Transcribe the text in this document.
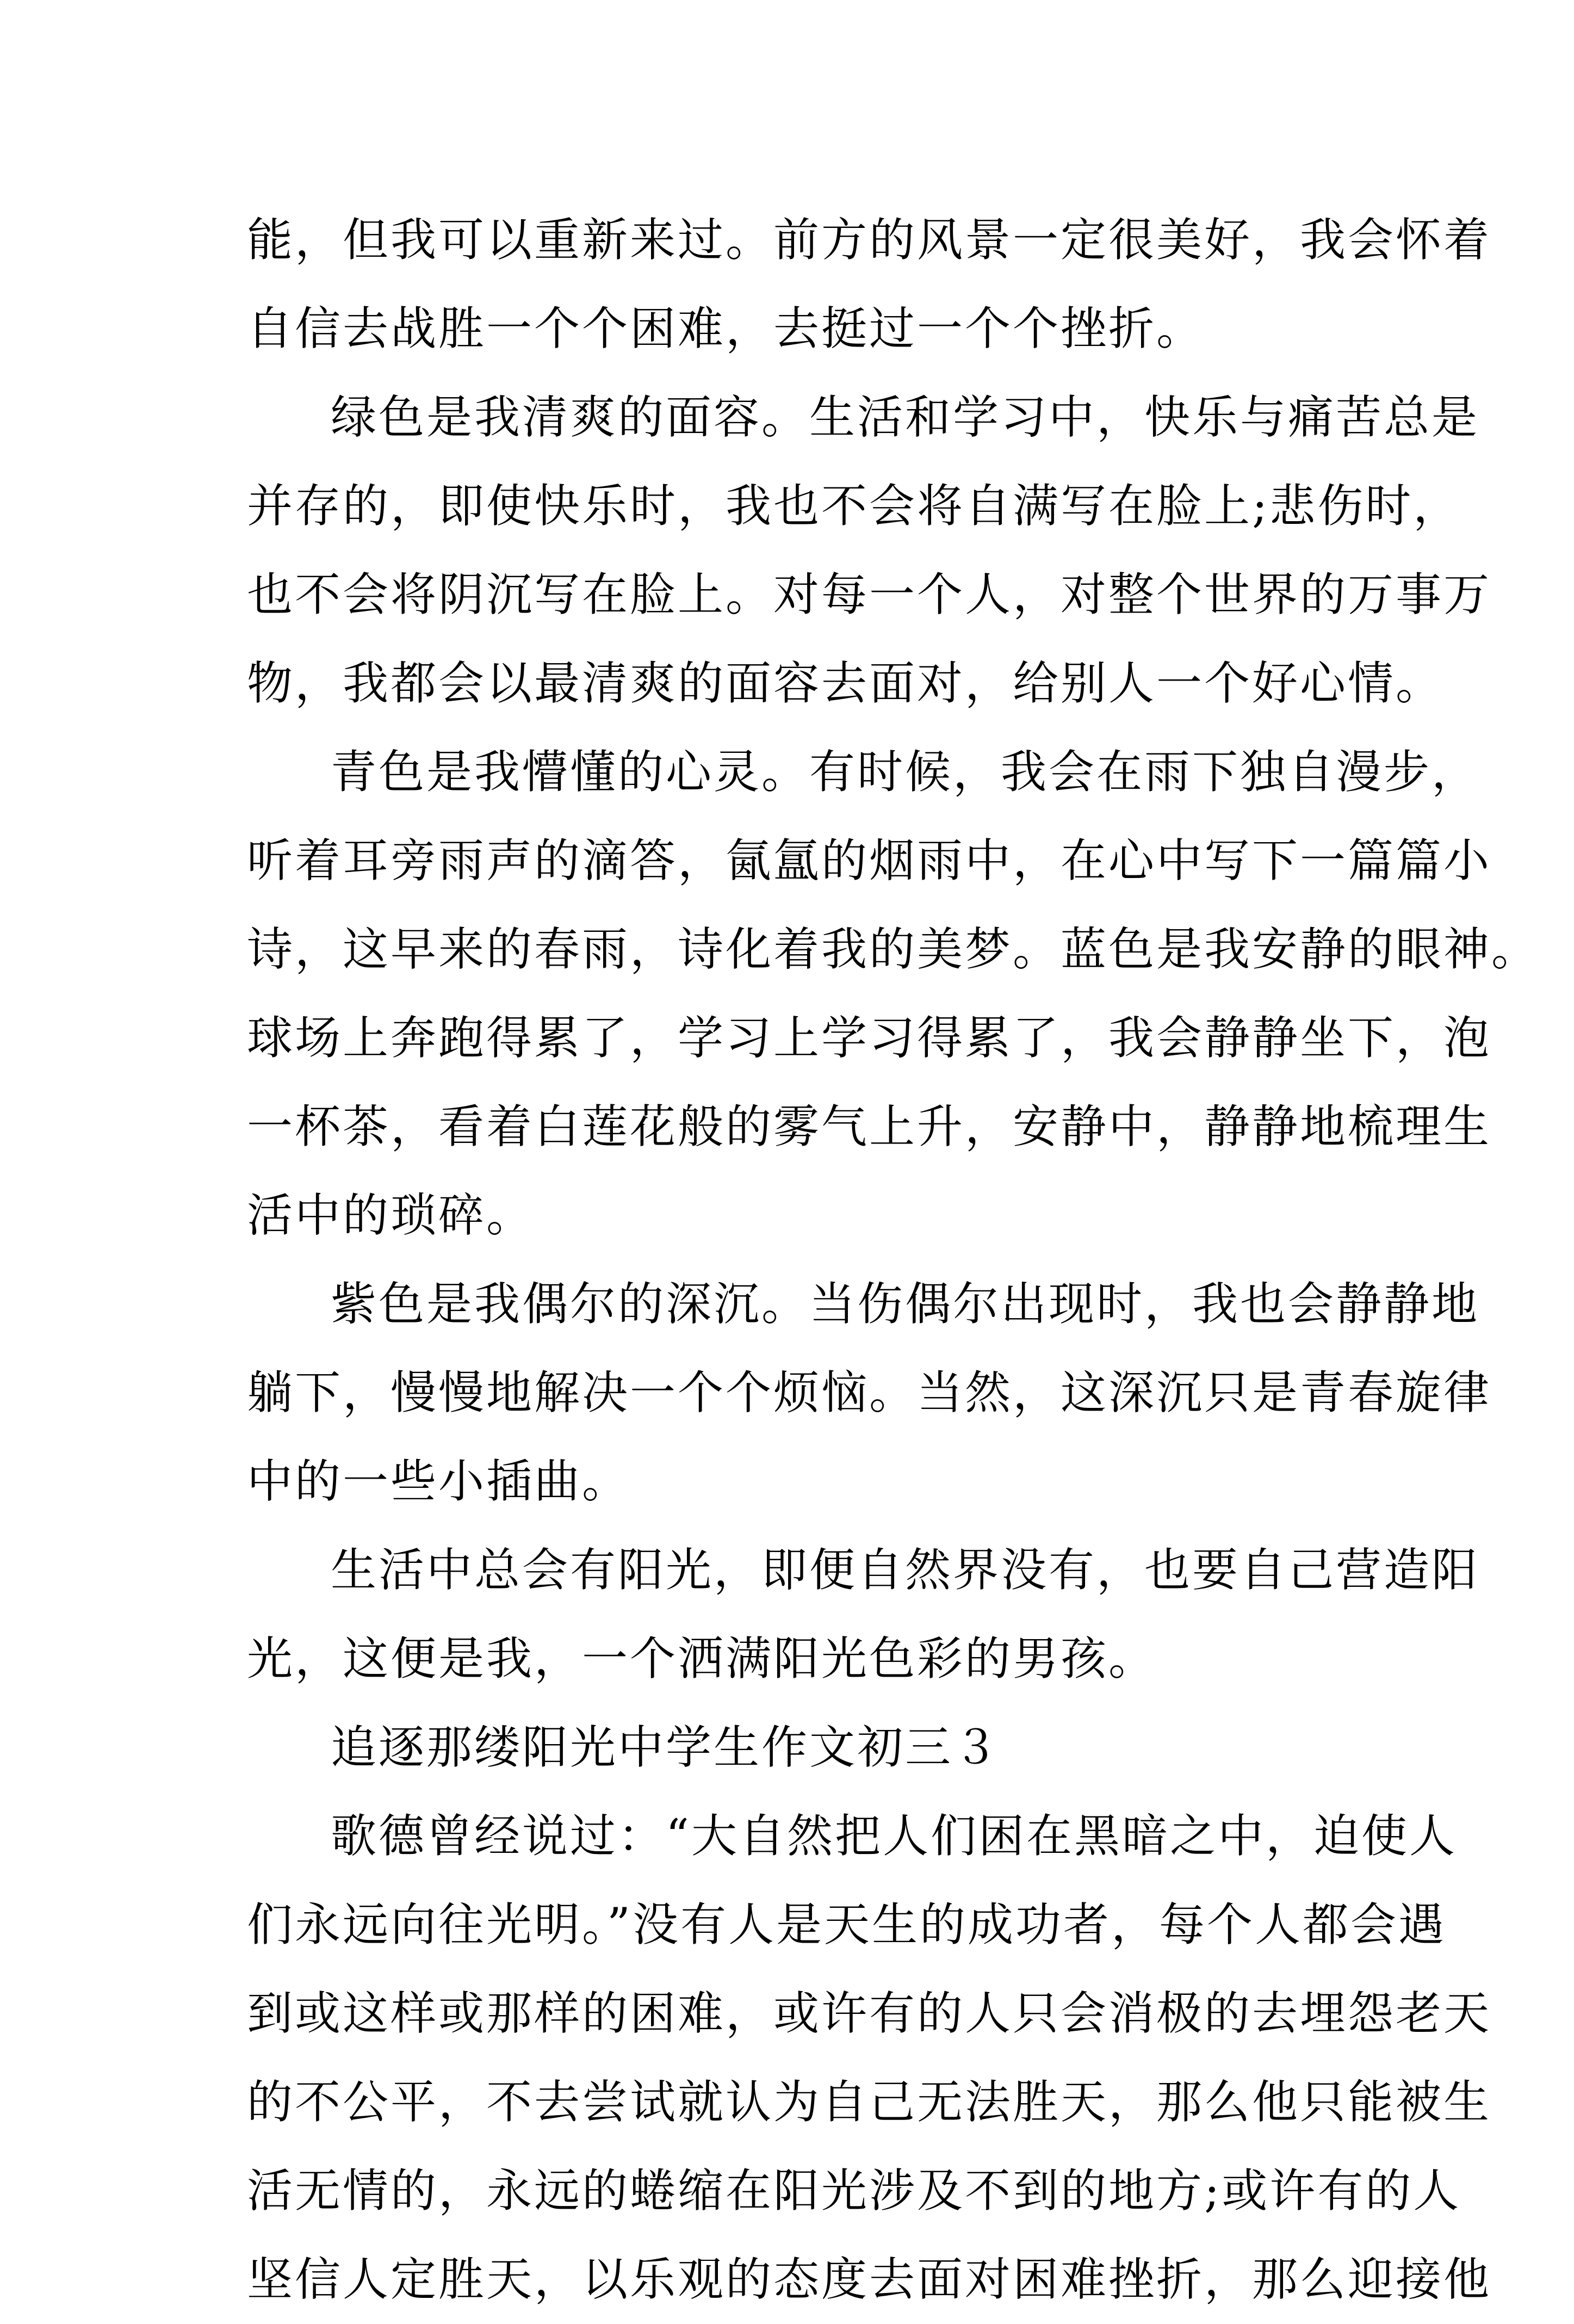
能，但我可以重新来过。前方的风景一定很美好，我会怀着
自信去战胜一个个困难，去挺过一个个挫折。
绿色是我清爽的面容。生活和学习中，快乐与痛苦总是
并存的，即使快乐时，我也不会将自满写在脸上;悲伤时，
也不会将阴沉写在脸上。对每一个人，对整个世界的万事万
物，我都会以最清爽的面容去面对，给别人一个好心情。
青色是我懵懂的心灵。有时候，我会在雨下独自漫步，
听着耳旁雨声的滴答，氤氲的烟雨中，在心中写下一篇篇小
诗，这早来的春雨，诗化着我的美梦。蓝色是我安静的眼神。
球场上奔跑得累了，学习上学习得累了，我会静静坐下，泡
一杯茶，看着白莲花般的雾气上升，安静中，静静地梳理生
活中的琐碎。
紫色是我偶尔的深沉。当伤偶尔出现时，我也会静静地
躺下，慢慢地解决一个个烦恼。当然，这深沉只是青春旋律
中的一些小插曲。
生活中总会有阳光，即便自然界没有，也要自己营造阳
光，这便是我，一个洒满阳光色彩的男孩。
追逐那缕阳光中学生作文初三３
歌德曾经说过：“大自然把人们困在黑暗之中，迫使人
们永远向往光明。”没有人是天生的成功者，每个人都会遇
到或这样或那样的困难，或许有的人只会消极的去埋怨老天
的不公平，不去尝试就认为自己无法胜天，那么他只能被生
活无情的，永远的蜷缩在阳光涉及不到的地方;或许有的人
坚信人定胜天，以乐观的态度去面对困难挫折，那么迎接他
